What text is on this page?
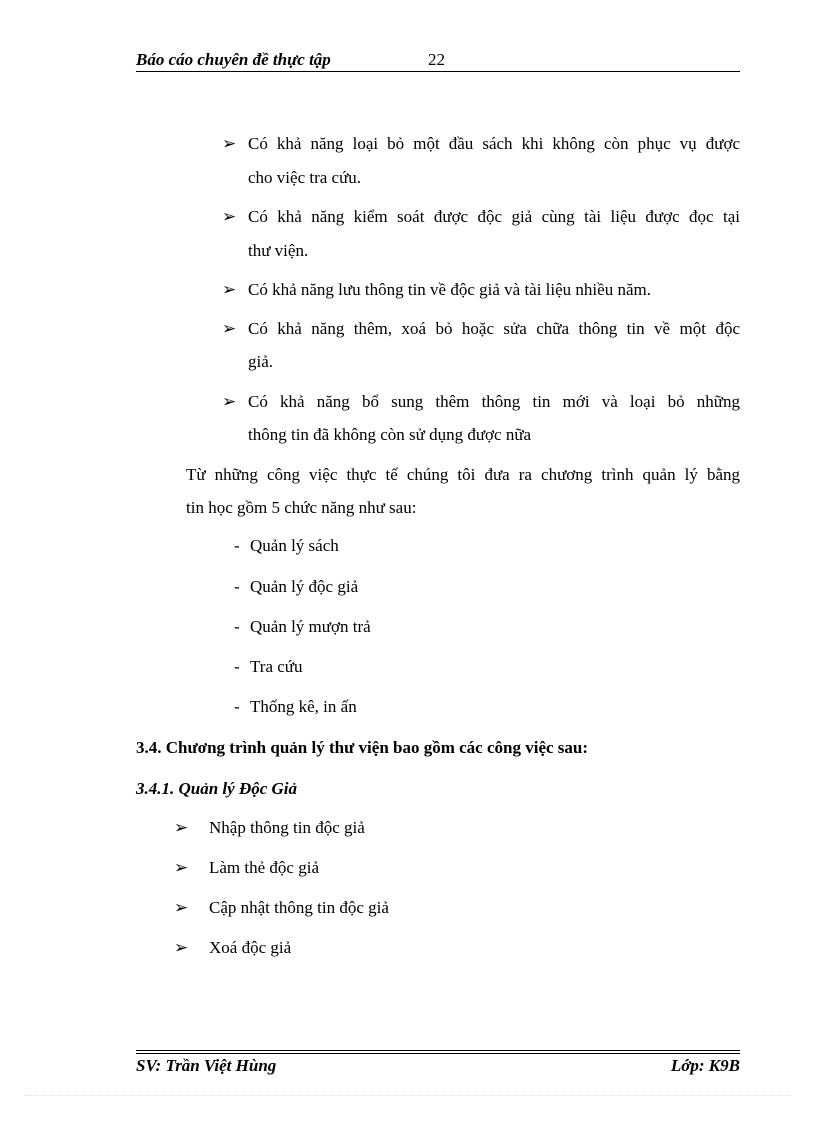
Báo cáo chuyên đề thực tập	22
➢ Có khả năng loại bỏ một đầu sách khi không còn phục vụ được
cho việc tra cứu.
➢ Có khả năng kiểm soát được độc giả cùng tài liệu được đọc tại
thư viện.
➢ Có khả năng lưu thông tin về độc giả và tài liệu nhiều năm.
➢ Có khả năng thêm, xoá bỏ hoặc sửa chữa thông tin về một độc
giả.
➢ Có khả năng bổ sung thêm thông tin mới và loại bỏ những
thông tin đã không còn sử dụng được nữa
Từ những công việc thực tế chúng tôi đưa ra chương trình quản lý bằng
tin học gồm 5 chức năng như sau:
- Quản lý sách
- Quản lý độc giả
- Quản lý mượn trả
- Tra cứu
- Thống kê, in ấn
3.4. Chương trình quản lý thư viện bao gồm các công việc sau:
3.4.1. Quản lý Độc Giả
➢	Nhập thông tin độc giả
➢	Làm thẻ độc giả
➢	Cập nhật thông tin độc giả
➢	Xoá độc giả
SV: Trần Việt Hùng	Lớp: K9B
